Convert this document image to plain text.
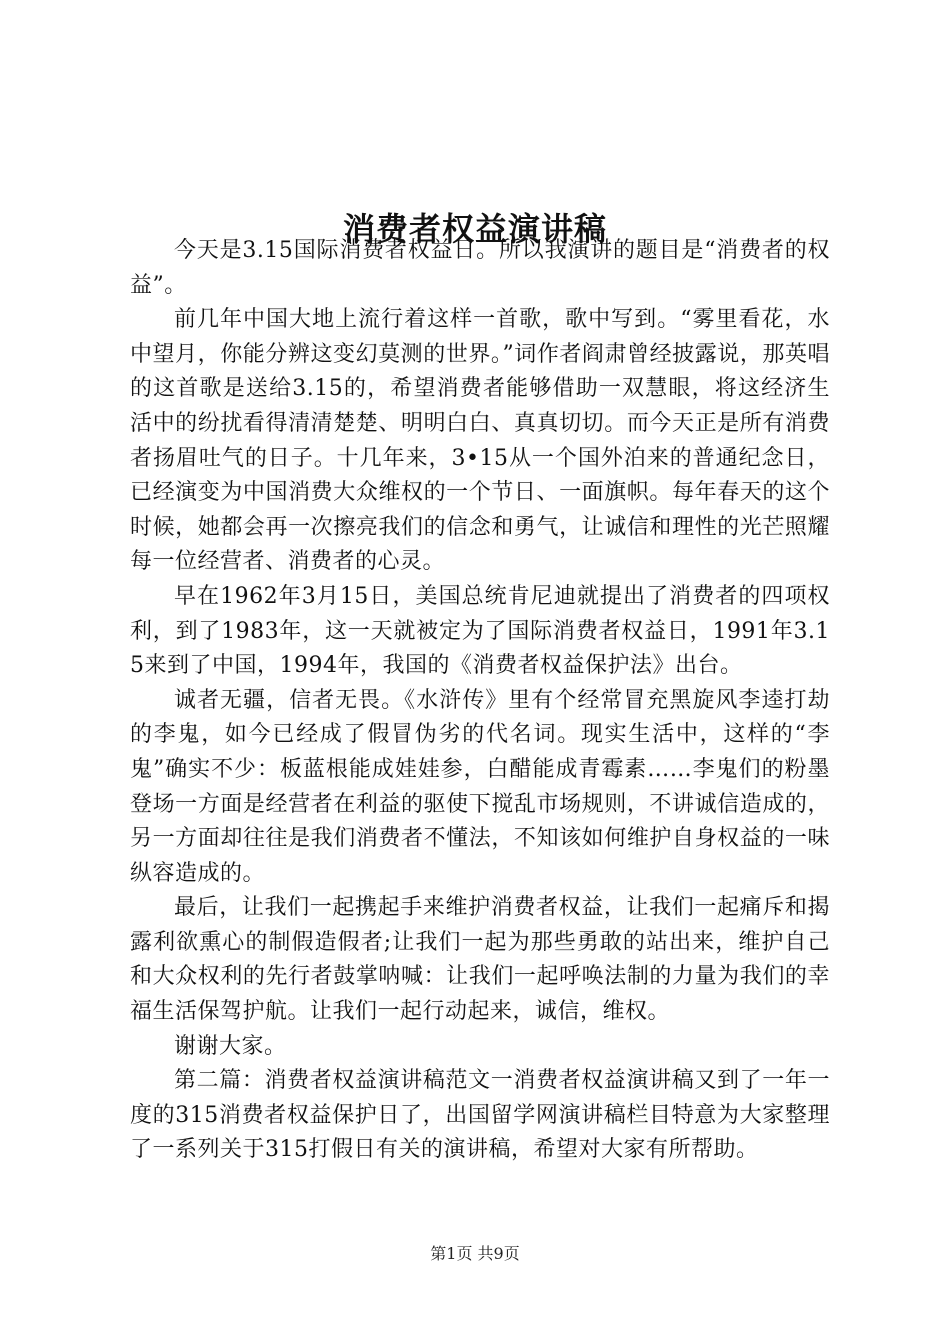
消费者权益演讲稿

今天是3.15国际消费者权益日。所以我演讲的题目是“消费者的权益”。

前几年中国大地上流行着这样一首歌，歌中写到。“雾里看花，水中望月，你能分辨这变幻莫测的世界。”词作者阎肃曾经披露说，那英唱的这首歌是送给3.15的，希望消费者能够借助一双慧眼，将这经济生活中的纷扰看得清清楚楚、明明白白、真真切切。而今天正是所有消费者扬眉吐气的日子。十几年来，3•15从一个国外泊来的普通纪念日，已经演变为中国消费大众维权的一个节日、一面旗帜。每年春天的这个时候，她都会再一次擦亮我们的信念和勇气，让诚信和理性的光芒照耀每一位经营者、消费者的心灵。

早在1962年3月15日，美国总统肯尼迪就提出了消费者的四项权利，到了1983年，这一天就被定为了国际消费者权益日，1991年3.15来到了中国，1994年，我国的《消费者权益保护法》出台。

诚者无疆，信者无畏。《水浒传》里有个经常冒充黑旋风李逵打劫的李鬼，如今已经成了假冒伪劣的代名词。现实生活中，这样的“李鬼”确实不少：板蓝根能成娃娃参，白醋能成青霉素……李鬼们的粉墨登场一方面是经营者在利益的驱使下搅乱市场规则，不讲诚信造成的，另一方面却往往是我们消费者不懂法，不知该如何维护自身权益的一味纵容造成的。

最后，让我们一起携起手来维护消费者权益，让我们一起痛斥和揭露利欲熏心的制假造假者;让我们一起为那些勇敢的站出来，维护自己和大众权利的先行者鼓掌呐喊：让我们一起呼唤法制的力量为我们的幸福生活保驾护航。让我们一起行动起来，诚信，维权。

谢谢大家。

第二篇：消费者权益演讲稿范文一消费者权益演讲稿又到了一年一度的315消费者权益保护日了，出国留学网演讲稿栏目特意为大家整理了一系列关于315打假日有关的演讲稿，希望对大家有所帮助。

第1页 共9页
